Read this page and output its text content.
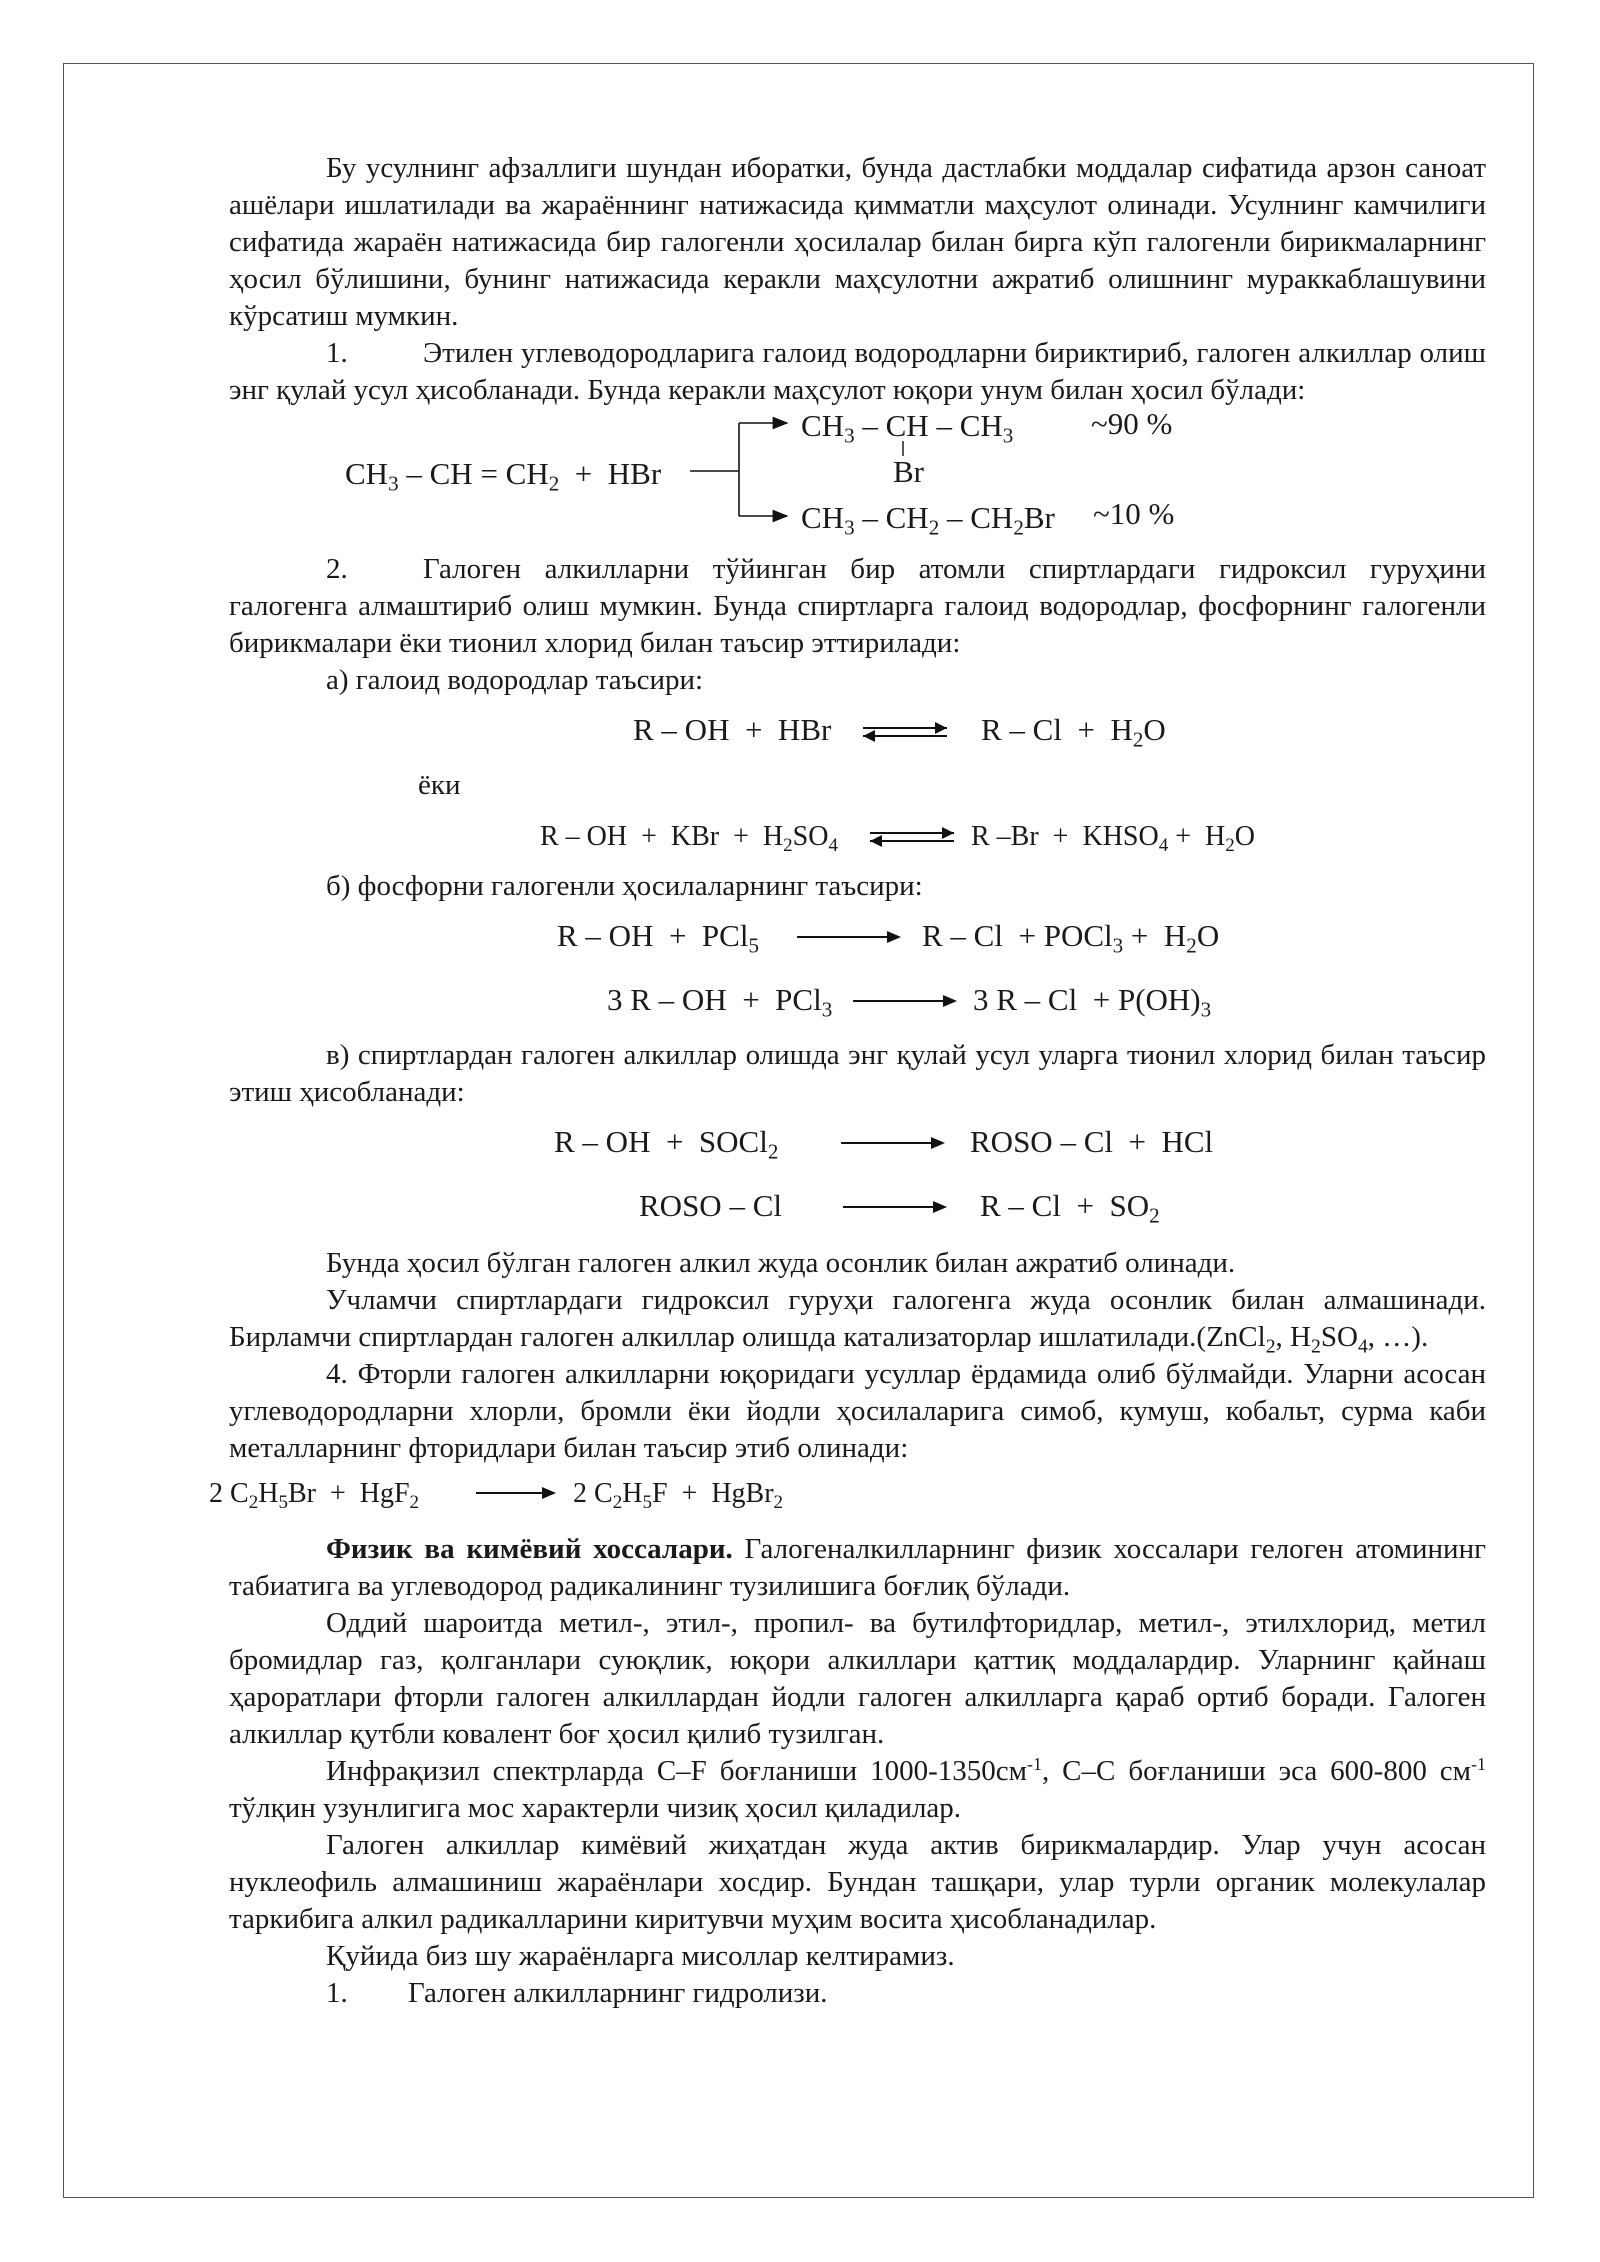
Бу усулнинг афзаллиги шундан иборатки, бунда дастлабки моддалар сифатида арзон саноат ашёлари ишлатилади ва жараённинг натижасида қимматли маҳсулот олинади. Усулнинг камчилиги сифатида жараён натижасида бир галогенли ҳосилалар билан бирга кўп галогенли бирикмаларнинг ҳосил бўлишини, бунинг натижасида керакли маҳсулотни ажратиб олишнинг мураккаблашувини кўрсатиш мумкин.

1.	Этилен углеводородларига галоид водородларни бириктириб, галоген алкиллар олиш энг қулай усул ҳисобланади. Бунда керакли маҳсулот юқори унум билан ҳосил бўлади:

$CH_3$ – CH = $CH_2$  +  HBr
$CH_3$ – CH – $CH_3$
Br
~90 %
$CH_3 - CH_2 - CH_2Br$ ~10 %

2.	Галоген алкилларни тўйинган бир атомли спиртлардаги гидроксил гуруҳини галогенга алмаштириб олиш мумкин. Бунда спиртларга галоид водородлар, фосфорнинг галогенли бирикмалари ёки тионил хлорид билан таъсир эттирилади:

а) галоид водородлар таъсири:

R – OH  +  HBr ⇌ $R - Cl + H_2O$

ёки

R – OH  +  KBr  +  $H_2SO_4$ ⇌ R $-Br + KHSO_4 + H_2O$

б) фосфорни галогенли ҳосилаларнинг таъсири:

R – OH  +  PCl$_5$ → R – Cl  + POCl$_3$ +  $H_2O$
3 R – OH  +  PCl$_3$ → 3 $R - Cl + P(OH)_3$

в) спиртлардан галоген алкиллар олишда энг қулай усул уларга тионил хлорид билан таъсир этиш ҳисобланади:

R – OH  +  SOCl$_2$ → ROSO – Cl  +  HCl
ROSO – $Cl \to R - Cl + SO_2$

Бунда ҳосил бўлган галоген алкил жуда осонлик билан ажратиб олинади.

Учламчи спиртлардаги гидроксил гуруҳи галогенга жуда осонлик билан алмашинади. Бирламчи спиртлардан галоген алкиллар олишда катализаторлар ишлатилади.(ZnCl$_2$, $H_2SO_4$, …).

4. Фторли галоген алкилларни юқоридаги усуллар ёрдамида олиб бўлмайди. Уларни асосан углеводородларни хлорли, бромли ёки йодли ҳосилаларига симоб, кумуш, кобальт, сурма каби металларнинг фторидлари билан таъсир этиб олинади:

2 $C_2H_5Br + HgF_2 \to 2$ $C_2H_5F$  +  HgBr$_2$

Физик ва кимёвий хоссалари. Галогеналкилларнинг физик хоссалари гелоген атомининг табиатига ва углеводород радикалининг тузилишига боғлиқ бўлади.

Оддий шароитда метил-, этил-, пропил- ва бутилфторидлар, метил-, этилхлорид, метил бромидлар газ, қолганлари суюқлик, юқори алкиллари қаттиқ моддалардир. Уларнинг қайнаш ҳароратлари фторли галоген алкиллардан йодли галоген алкилларга қараб ортиб боради. Галоген алкиллар қутбли ковалент боғ ҳосил қилиб тузилган.

Инфрақизил спектрларда C–F боғланиши $1000-1350см^{-1}$, C–C боғланиши эса 600-800 $см^{-1}$ тўлқин узунлигига мос характерли чизиқ ҳосил қиладилар.

Галоген алкиллар кимёвий жиҳатдан жуда актив бирикмалардир. Улар учун асосан нуклеофиль алмашиниш жараёнлари хосдир. Бундан ташқари, улар турли органик молекулалар таркибига алкил радикалларини киритувчи муҳим восита ҳисобланадилар.

Қуйида биз шу жараёнларга мисоллар келтирамиз.

1. Галоген алкилларнинг гидролизи.
